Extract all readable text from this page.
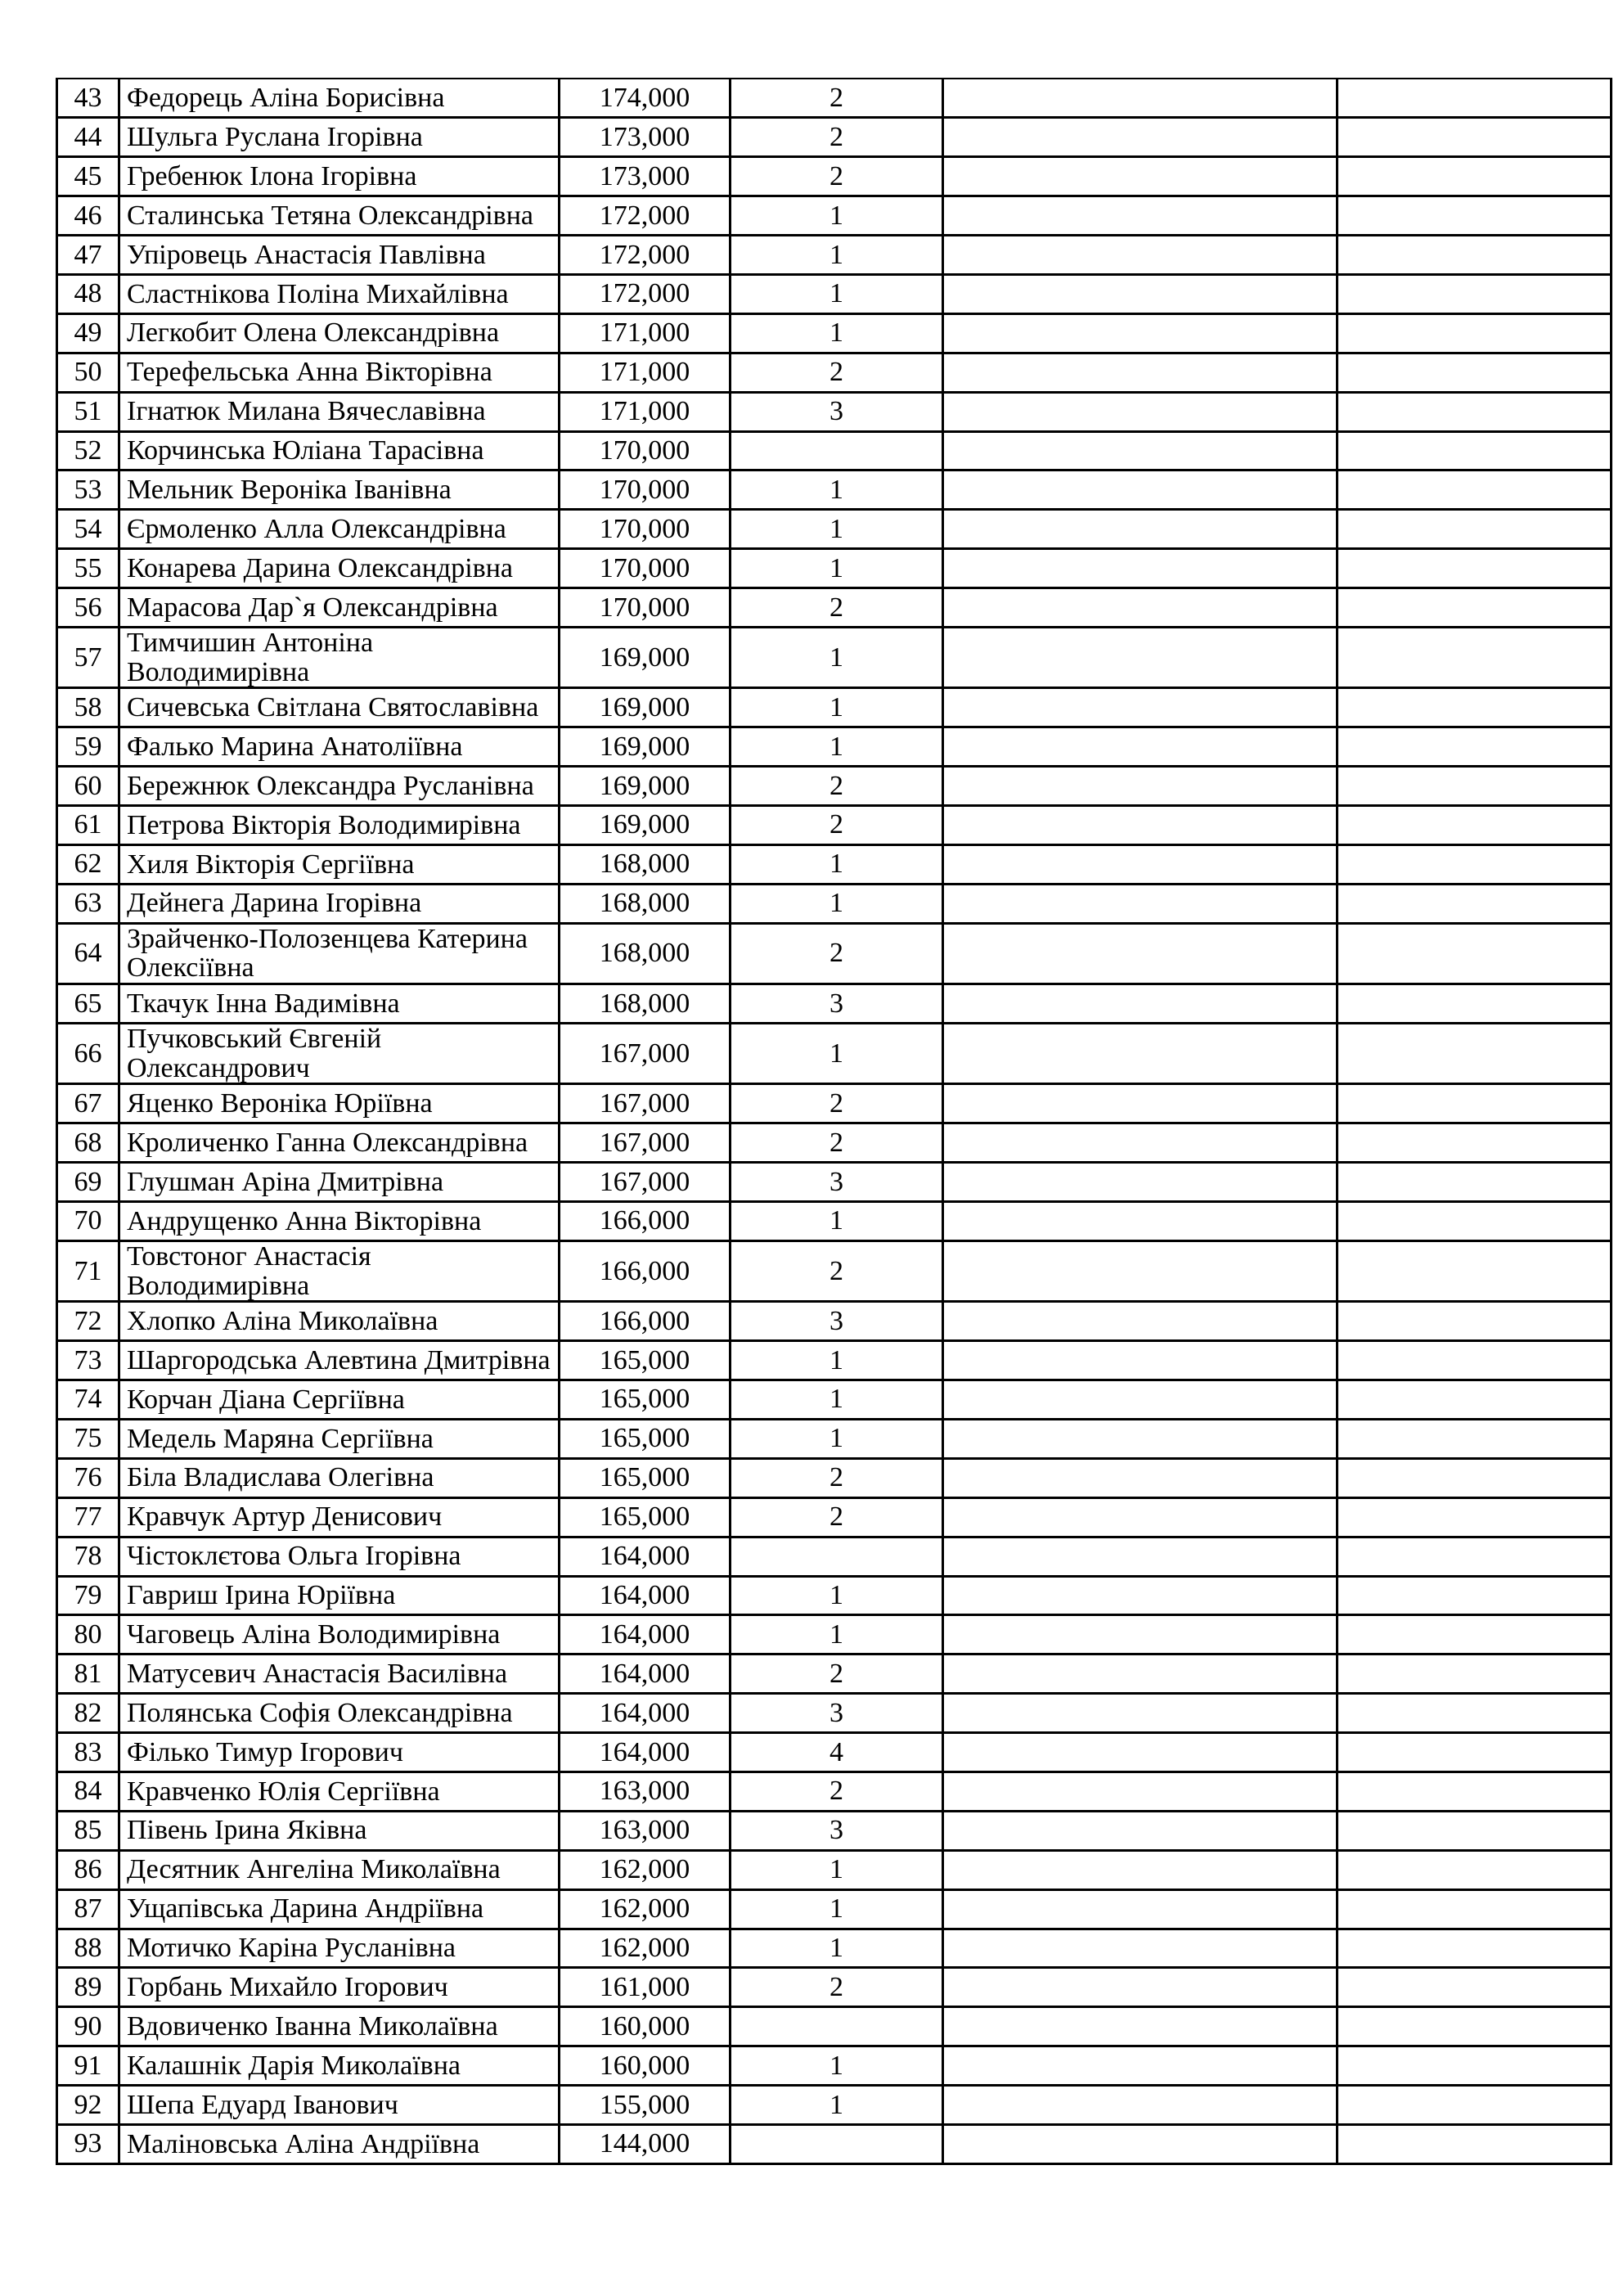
43	Федорець Аліна Борисівна	174,000	2		
44	Шульга Руслана Ігорівна	173,000	2		
45	Гребенюк Ілона Ігорівна	173,000	2		
46	Сталинська Тетяна Олександрівна	172,000	1		
47	Упіровець Анастасія Павлівна	172,000	1		
48	Сластнікова Поліна Михайлівна	172,000	1		
49	Легкобит Олена Олександрівна	171,000	1		
50	Терефельська Анна Вікторівна	171,000	2		
51	Ігнатюк Милана Вячеславівна	171,000	3		
52	Корчинська Юліана Тарасівна	170,000			
53	Мельник Вероніка Іванівна	170,000	1		
54	Єрмоленко Алла Олександрівна	170,000	1		
55	Конарева Дарина Олександрівна	170,000	1		
56	Марасова Дар`я Олександрівна	170,000	2		
57	Тимчишин Антоніна Володимирівна	169,000	1		
58	Сичевська Світлана Святославівна	169,000	1		
59	Фалько Марина Анатоліївна	169,000	1		
60	Бережнюк Олександра Русланівна	169,000	2		
61	Петрова Вікторія Володимирівна	169,000	2		
62	Хиля Вікторія Сергіївна	168,000	1		
63	Дейнега Дарина Ігорівна	168,000	1		
64	Зрайченко-Полозенцева Катерина Олексіївна	168,000	2		
65	Ткачук Інна Вадимівна	168,000	3		
66	Пучковський Євгеній Олександрович	167,000	1		
67	Яценко Вероніка Юріївна	167,000	2		
68	Кроличенко Ганна Олександрівна	167,000	2		
69	Глушман Аріна Дмитрівна	167,000	3		
70	Андрущенко Анна Вікторівна	166,000	1		
71	Товстоног Анастасія Володимирівна	166,000	2		
72	Хлопко Аліна Миколаївна	166,000	3		
73	Шаргородська Алевтина Дмитрівна	165,000	1		
74	Корчан Діана Сергіївна	165,000	1		
75	Медель Маряна Сергіївна	165,000	1		
76	Біла Владислава Олегівна	165,000	2		
77	Кравчук Артур Денисович	165,000	2		
78	Чістоклєтова Ольга Ігорівна	164,000			
79	Гавриш Ірина Юріївна	164,000	1		
80	Чаговець Аліна Володимирівна	164,000	1		
81	Матусевич Анастасія Василівна	164,000	2		
82	Полянська Софія Олександрівна	164,000	3		
83	Філько Тимур Ігорович	164,000	4		
84	Кравченко Юлія Сергіївна	163,000	2		
85	Півень Ірина Яківна	163,000	3		
86	Десятник Ангеліна Миколаївна	162,000	1		
87	Ущапівська Дарина Андріївна	162,000	1		
88	Мотичко Каріна Русланівна	162,000	1		
89	Горбань Михайло Ігорович	161,000	2		
90	Вдовиченко Іванна Миколаївна	160,000			
91	Калашнік Дарія Миколаївна	160,000	1		
92	Шепа Едуард Іванович	155,000	1		
93	Маліновська Аліна Андріївна	144,000			
